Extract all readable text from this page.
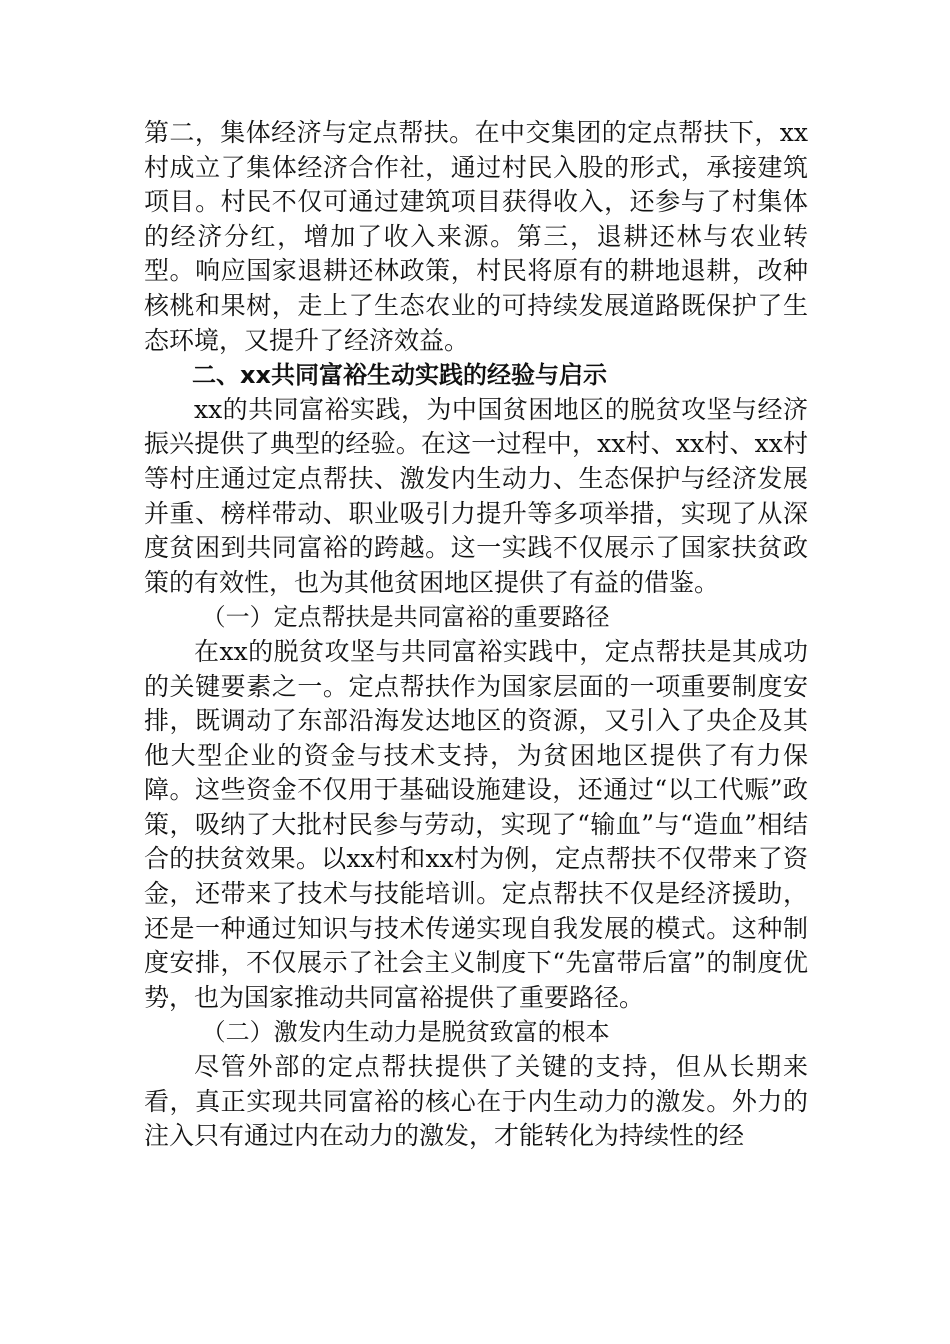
第二，集体经济与定点帮扶。在中交集团的定点帮扶下，xx村成立了集体经济合作社，通过村民入股的形式，承接建筑项目。村民不仅可通过建筑项目获得收入，还参与了村集体的经济分红，增加了收入来源。第三，退耕还林与农业转型。响应国家退耕还林政策，村民将原有的耕地退耕，改种核桃和果树，走上了生态农业的可持续发展道路既保护了生态环境，又提升了经济效益。

二、xx共同富裕生动实践的经验与启示

xx的共同富裕实践，为中国贫困地区的脱贫攻坚与经济振兴提供了典型的经验。在这一过程中，xx村、xx村、xx村等村庄通过定点帮扶、激发内生动力、生态保护与经济发展并重、榜样带动、职业吸引力提升等多项举措，实现了从深度贫困到共同富裕的跨越。这一实践不仅展示了国家扶贫政策的有效性，也为其他贫困地区提供了有益的借鉴。

（一）定点帮扶是共同富裕的重要路径

在xx的脱贫攻坚与共同富裕实践中，定点帮扶是其成功的关键要素之一。定点帮扶作为国家层面的一项重要制度安排，既调动了东部沿海发达地区的资源，又引入了央企及其他大型企业的资金与技术支持，为贫困地区提供了有力保障。这些资金不仅用于基础设施建设，还通过“以工代赈”政策，吸纳了大批村民参与劳动，实现了“输血”与“造血”相结合的扶贫效果。以xx村和xx村为例，定点帮扶不仅带来了资金，还带来了技术与技能培训。定点帮扶不仅是经济援助，还是一种通过知识与技术传递实现自我发展的模式。这种制度安排，不仅展示了社会主义制度下“先富带后富”的制度优势，也为国家推动共同富裕提供了重要路径。

（二）激发内生动力是脱贫致富的根本

尽管外部的定点帮扶提供了关键的支持，但从长期来看，真正实现共同富裕的核心在于内生动力的激发。外力的注入只有通过内在动力的激发，才能转化为持续性的经
